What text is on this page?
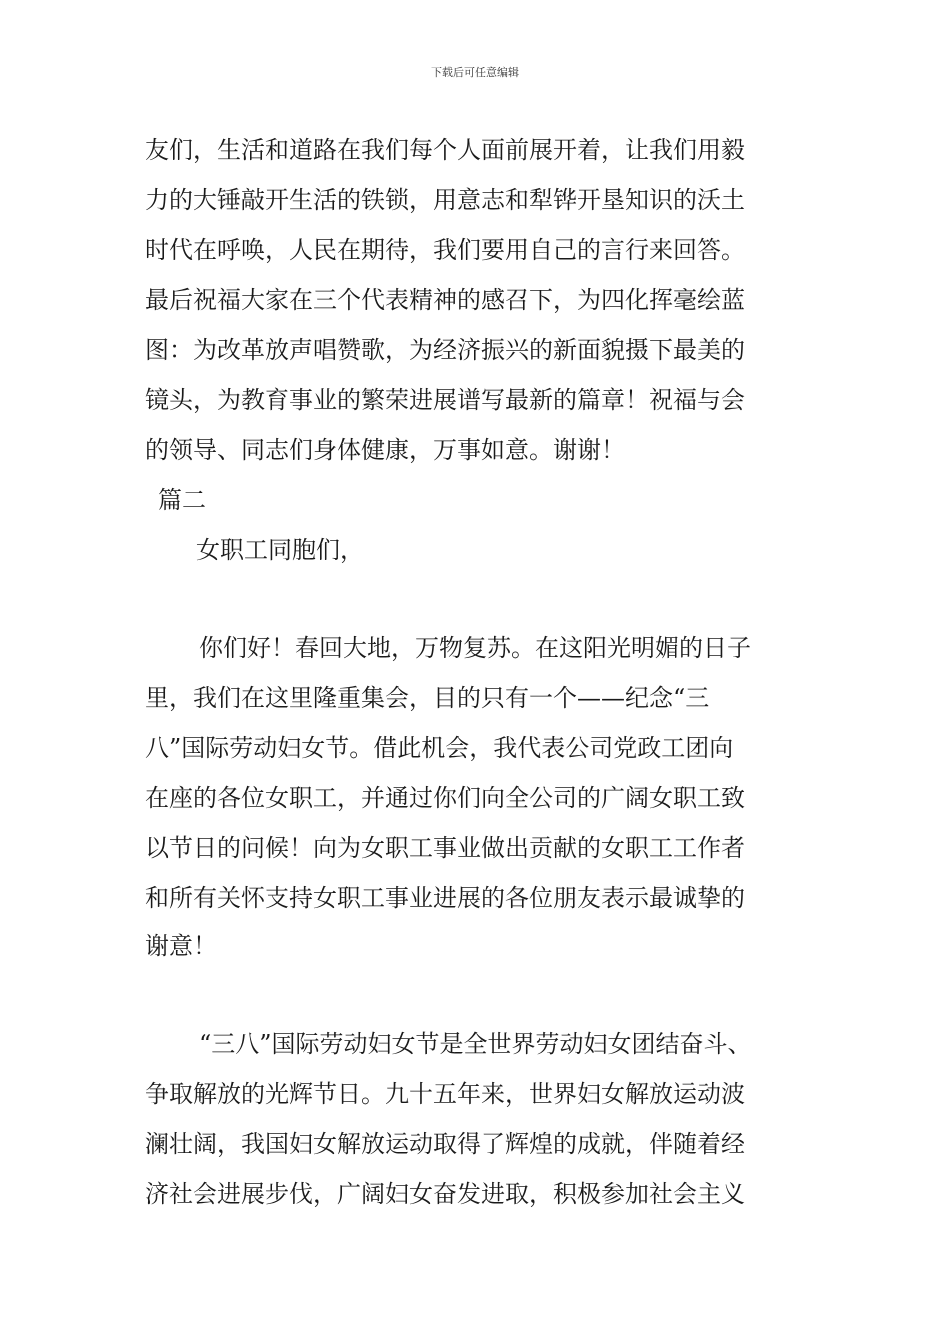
下载后可任意编辑
友们，生活和道路在我们每个人面前展开着，让我们用毅
力的大锤敲开生活的铁锁，用意志和犁铧开垦知识的沃土
时代在呼唤，人民在期待，我们要用自己的言行来回答。
最后祝福大家在三个代表精神的感召下，为四化挥毫绘蓝
图：为改革放声唱赞歌，为经济振兴的新面貌摄下最美的
镜头，为教育事业的繁荣进展谱写最新的篇章！祝福与会
的领导、同志们身体健康，万事如意。谢谢！
篇二
女职工同胞们，
你们好！春回大地，万物复苏。在这阳光明媚的日子
里，我们在这里隆重集会，目的只有一个——纪念“三
八”国际劳动妇女节。借此机会，我代表公司党政工团向
在座的各位女职工，并通过你们向全公司的广阔女职工致
以节日的问候！向为女职工事业做出贡献的女职工工作者
和所有关怀支持女职工事业进展的各位朋友表示最诚挚的
谢意！
“三八”国际劳动妇女节是全世界劳动妇女团结奋斗、
争取解放的光辉节日。九十五年来，世界妇女解放运动波
澜壮阔，我国妇女解放运动取得了辉煌的成就，伴随着经
济社会进展步伐，广阔妇女奋发进取，积极参加社会主义
